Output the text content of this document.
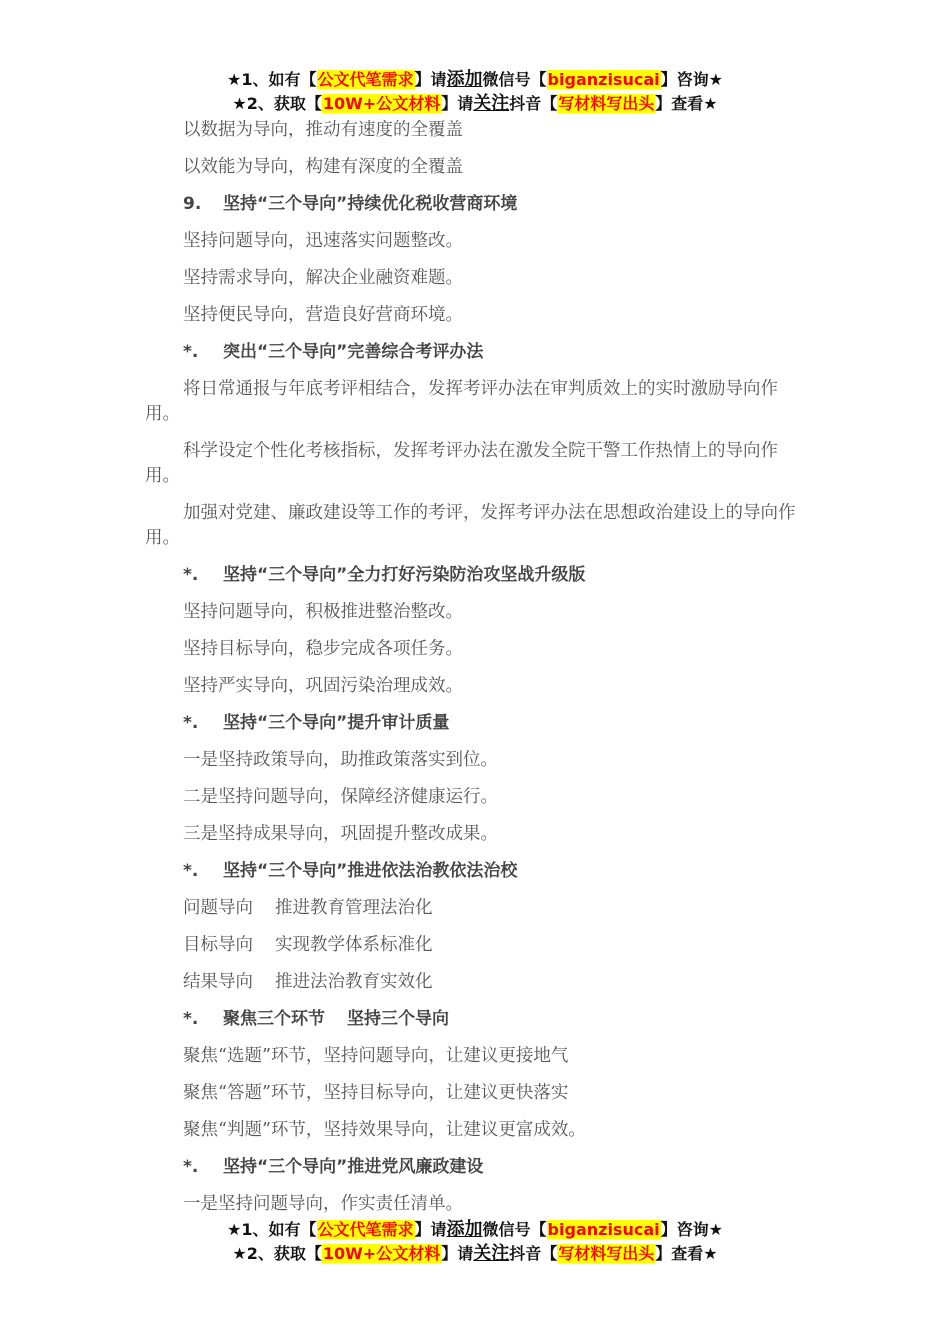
★1、如有【公文代笔需求】请添加微信号【biganzisucai】咨询★
★2、获取【10W+公文材料】请关注抖音【写材料写出头】查看★

以数据为导向，推动有速度的全覆盖

以效能为导向，构建有深度的全覆盖

9. 坚持“三个导向”持续优化税收营商环境

坚持问题导向，迅速落实问题整改。

坚持需求导向，解决企业融资难题。

坚持便民导向，营造良好营商环境。

*. 突出“三个导向”完善综合考评办法

将日常通报与年底考评相结合，发挥考评办法在审判质效上的实时激励导向作用。

科学设定个性化考核指标，发挥考评办法在激发全院干警工作热情上的导向作用。

加强对党建、廉政建设等工作的考评，发挥考评办法在思想政治建设上的导向作用。

*. 坚持“三个导向”全力打好污染防治攻坚战升级版

坚持问题导向，积极推进整治整改。

坚持目标导向，稳步完成各项任务。

坚持严实导向，巩固污染治理成效。

*. 坚持“三个导向”提升审计质量

一是坚持政策导向，助推政策落实到位。

二是坚持问题导向，保障经济健康运行。

三是坚持成果导向，巩固提升整改成果。

*. 坚持“三个导向”推进依法治教依法治校

问题导向 推进教育管理法治化

目标导向 实现教学体系标准化

结果导向 推进法治教育实效化

*. 聚焦三个环节 坚持三个导向

聚焦“选题”环节，坚持问题导向，让建议更接地气

聚焦“答题”环节，坚持目标导向，让建议更快落实

聚焦“判题”环节，坚持效果导向，让建议更富成效。

*. 坚持“三个导向”推进党风廉政建设

一是坚持问题导向，作实责任清单。

★1、如有【公文代笔需求】请添加微信号【biganzisucai】咨询★
★2、获取【10W+公文材料】请关注抖音【写材料写出头】查看★
